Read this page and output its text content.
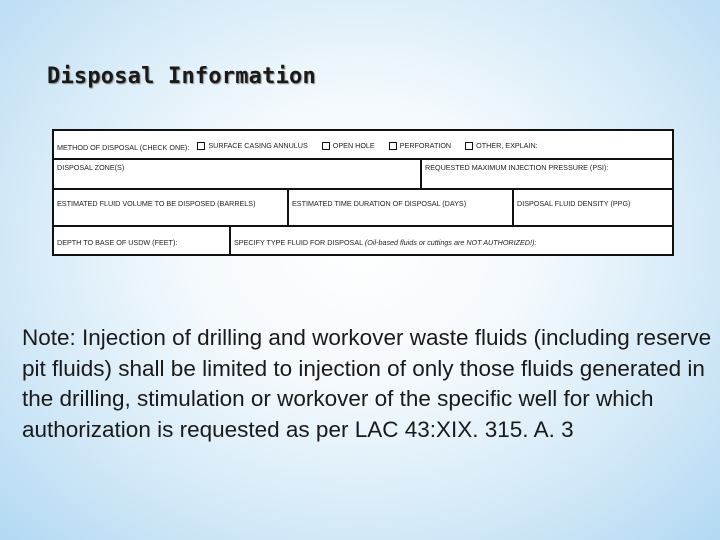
Disposal Information
METHOD OF DISPOSAL (CHECK ONE):	SURFACE CASING ANNULUS
	OPEN HOLE
	PERFORATION
	OTHER, EXPLAIN:
DISPOSAL ZONE(S)	REQUESTED MAXIMUM INJECTION PRESSURE (PSI):
ESTIMATED FLUID VOLUME TO BE DISPOSED (BARRELS)	ESTIMATED TIME DURATION OF DISPOSAL (DAYS)	DISPOSAL FLUID DENSITY (PPG)
DEPTH TO BASE OF USDW (FEET):	SPECIFY TYPE FLUID FOR DISPOSAL (Oil-based fluids or cuttings are NOT AUTHORIZED!):

Note: Injection of drilling and workover waste fluids (including reserve pit fluids) shall be limited to injection of only those fluids generated in the drilling, stimulation or workover of the specific well for which authorization is requested as per LAC 43:XIX. 315. A. 3
